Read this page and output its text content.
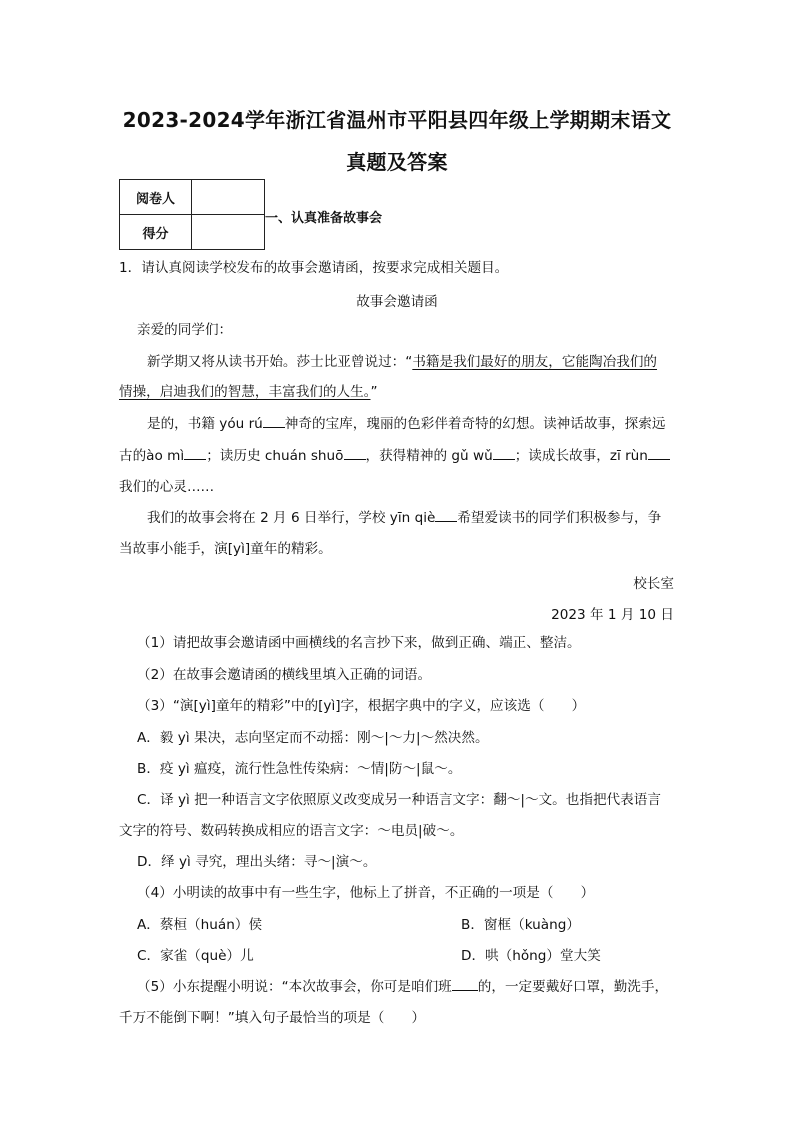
2023-2024学年浙江省温州市平阳县四年级上学期期末语文
真题及答案
阅卷人	
得分	
一、认真准备故事会
1．请认真阅读学校发布的故事会邀请函，按要求完成相关题目。
故事会邀请函
亲爱的同学们：
新学期又将从读书开始。莎士比亚曾说过：“书籍是我们最好的朋友，它能陶冶我们的
情操，启迪我们的智慧，丰富我们的人生。”
是的，书籍 yóu rú 神奇的宝库，瑰丽的色彩伴着奇特的幻想。读神话故事，探索远
古的ào mì ；读历史 chuán shuō ，获得精神的 gǔ wǔ ；读成长故事，zī rùn
我们的心灵……
我们的故事会将在 2 月 6 日举行，学校 yīn qiè 希望爱读书的同学们积极参与，争
当故事小能手，演[yì]童年的精彩。
校长室
2023 年 1 月 10 日
（1）请把故事会邀请函中画横线的名言抄下来，做到正确、端正、整洁。
（2）在故事会邀请函的横线里填入正确的词语。
（3）“演[yì]童年的精彩”中的[yì]字，根据字典中的字义，应该选（　　）
A．毅 yì 果决，志向坚定而不动摇：刚～|～力|～然决然。
B．疫 yì 瘟疫，流行性急性传染病：～情|防～|鼠～。
C．译 yì 把一种语言文字依照原义改变成另一种语言文字：翻～|～文。也指把代表语言
文字的符号、数码转换成相应的语言文字：～电员|破～。
D．绎 yì 寻究，理出头绪：寻～|演～。
（4）小明读的故事中有一些生字，他标上了拼音，不正确的一项是（　　）
A．蔡桓（huán）侯	B．窗框（kuàng）
C．家雀（què）儿	D．哄（hǒng）堂大笑
（5）小东提醒小明说：“本次故事会，你可是咱们班 的，一定要戴好口罩，勤洗手，
千万不能倒下啊！”填入句子最恰当的项是（　　）
